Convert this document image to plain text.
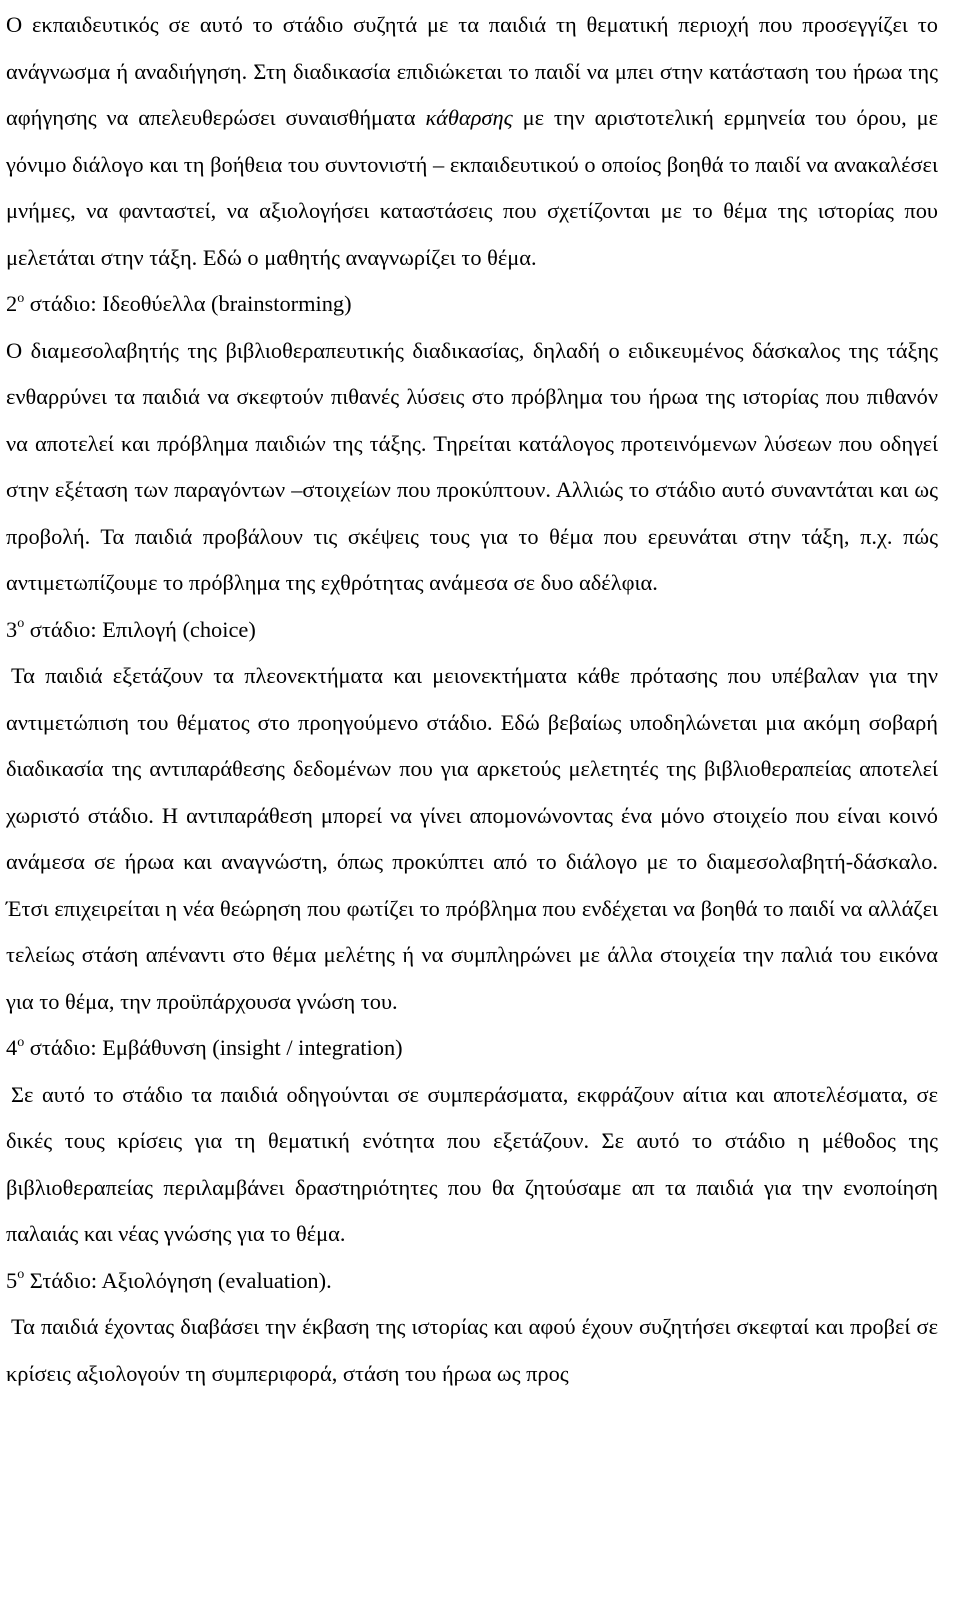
Ο εκπαιδευτικός σε αυτό το στάδιο συζητά με τα παιδιά τη θεματική περιοχή που προσεγγίζει το ανάγνωσμα ή αναδιήγηση. Στη διαδικασία επιδιώκεται το παιδί να μπει στην κατάσταση του ήρωα της αφήγησης να απελευθερώσει συναισθήματα κάθαρσης με την αριστοτελική ερμηνεία του όρου, με γόνιμο διάλογο και τη βοήθεια του συντονιστή – εκπαιδευτικού ο οποίος βοηθά το παιδί να ανακαλέσει μνήμες, να φανταστεί, να αξιολογήσει καταστάσεις που σχετίζονται με το θέμα της ιστορίας που μελετάται στην τάξη. Εδώ ο μαθητής αναγνωρίζει το θέμα.

$2^o$ στάδιο: Ιδεοθύελλα (brainstorming)

Ο διαμεσολαβητής της βιβλιοθεραπευτικής διαδικασίας, δηλαδή ο ειδικευμένος δάσκαλος της τάξης ενθαρρύνει τα παιδιά να σκεφτούν πιθανές λύσεις στο πρόβλημα του ήρωα της ιστορίας που πιθανόν να αποτελεί και πρόβλημα παιδιών της τάξης. Τηρείται κατάλογος προτεινόμενων λύσεων που οδηγεί στην εξέταση των παραγόντων –στοιχείων που προκύπτουν. Αλλιώς το στάδιο αυτό συναντάται και ως προβολή. Τα παιδιά προβάλουν τις σκέψεις τους για το θέμα που ερευνάται στην τάξη, π.χ. πώς αντιμετωπίζουμε το πρόβλημα της εχθρότητας ανάμεσα σε δυο αδέλφια.

$3^o$ στάδιο: Επιλογή (choice)

Τα παιδιά εξετάζουν τα πλεονεκτήματα και μειονεκτήματα κάθε πρότασης που υπέβαλαν για την αντιμετώπιση του θέματος στο προηγούμενο στάδιο. Εδώ βεβαίως υποδηλώνεται μια ακόμη σοβαρή διαδικασία της αντιπαράθεσης δεδομένων που για αρκετούς μελετητές της βιβλιοθεραπείας αποτελεί χωριστό στάδιο. Η αντιπαράθεση μπορεί να γίνει απομονώνοντας ένα μόνο στοιχείο που είναι κοινό ανάμεσα σε ήρωα και αναγνώστη, όπως προκύπτει από το διάλογο με το διαμεσολαβητή-δάσκαλο. Έτσι επιχειρείται η νέα θεώρηση που φωτίζει το πρόβλημα που ενδέχεται να βοηθά το παιδί να αλλάζει τελείως στάση απέναντι στο θέμα μελέτης ή να συμπληρώνει με άλλα στοιχεία την παλιά του εικόνα για το θέμα, την προϋπάρχουσα γνώση του.

$4^o$ στάδιο: Εμβάθυνση (insight / integration)

Σε αυτό το στάδιο τα παιδιά οδηγούνται σε συμπεράσματα, εκφράζουν αίτια και αποτελέσματα, σε δικές τους κρίσεις για τη θεματική ενότητα που εξετάζουν. Σε αυτό το στάδιο η μέθοδος της βιβλιοθεραπείας περιλαμβάνει δραστηριότητες που θα ζητούσαμε απ τα παιδιά για την ενοποίηση παλαιάς και νέας γνώσης για το θέμα.

$5^o$ Στάδιο: Αξιολόγηση (evaluation).

Τα παιδιά έχοντας διαβάσει την έκβαση της ιστορίας και αφού έχουν συζητήσει σκεφταί και προβεί σε κρίσεις αξιολογούν τη συμπεριφορά, στάση του ήρωα ως προς
